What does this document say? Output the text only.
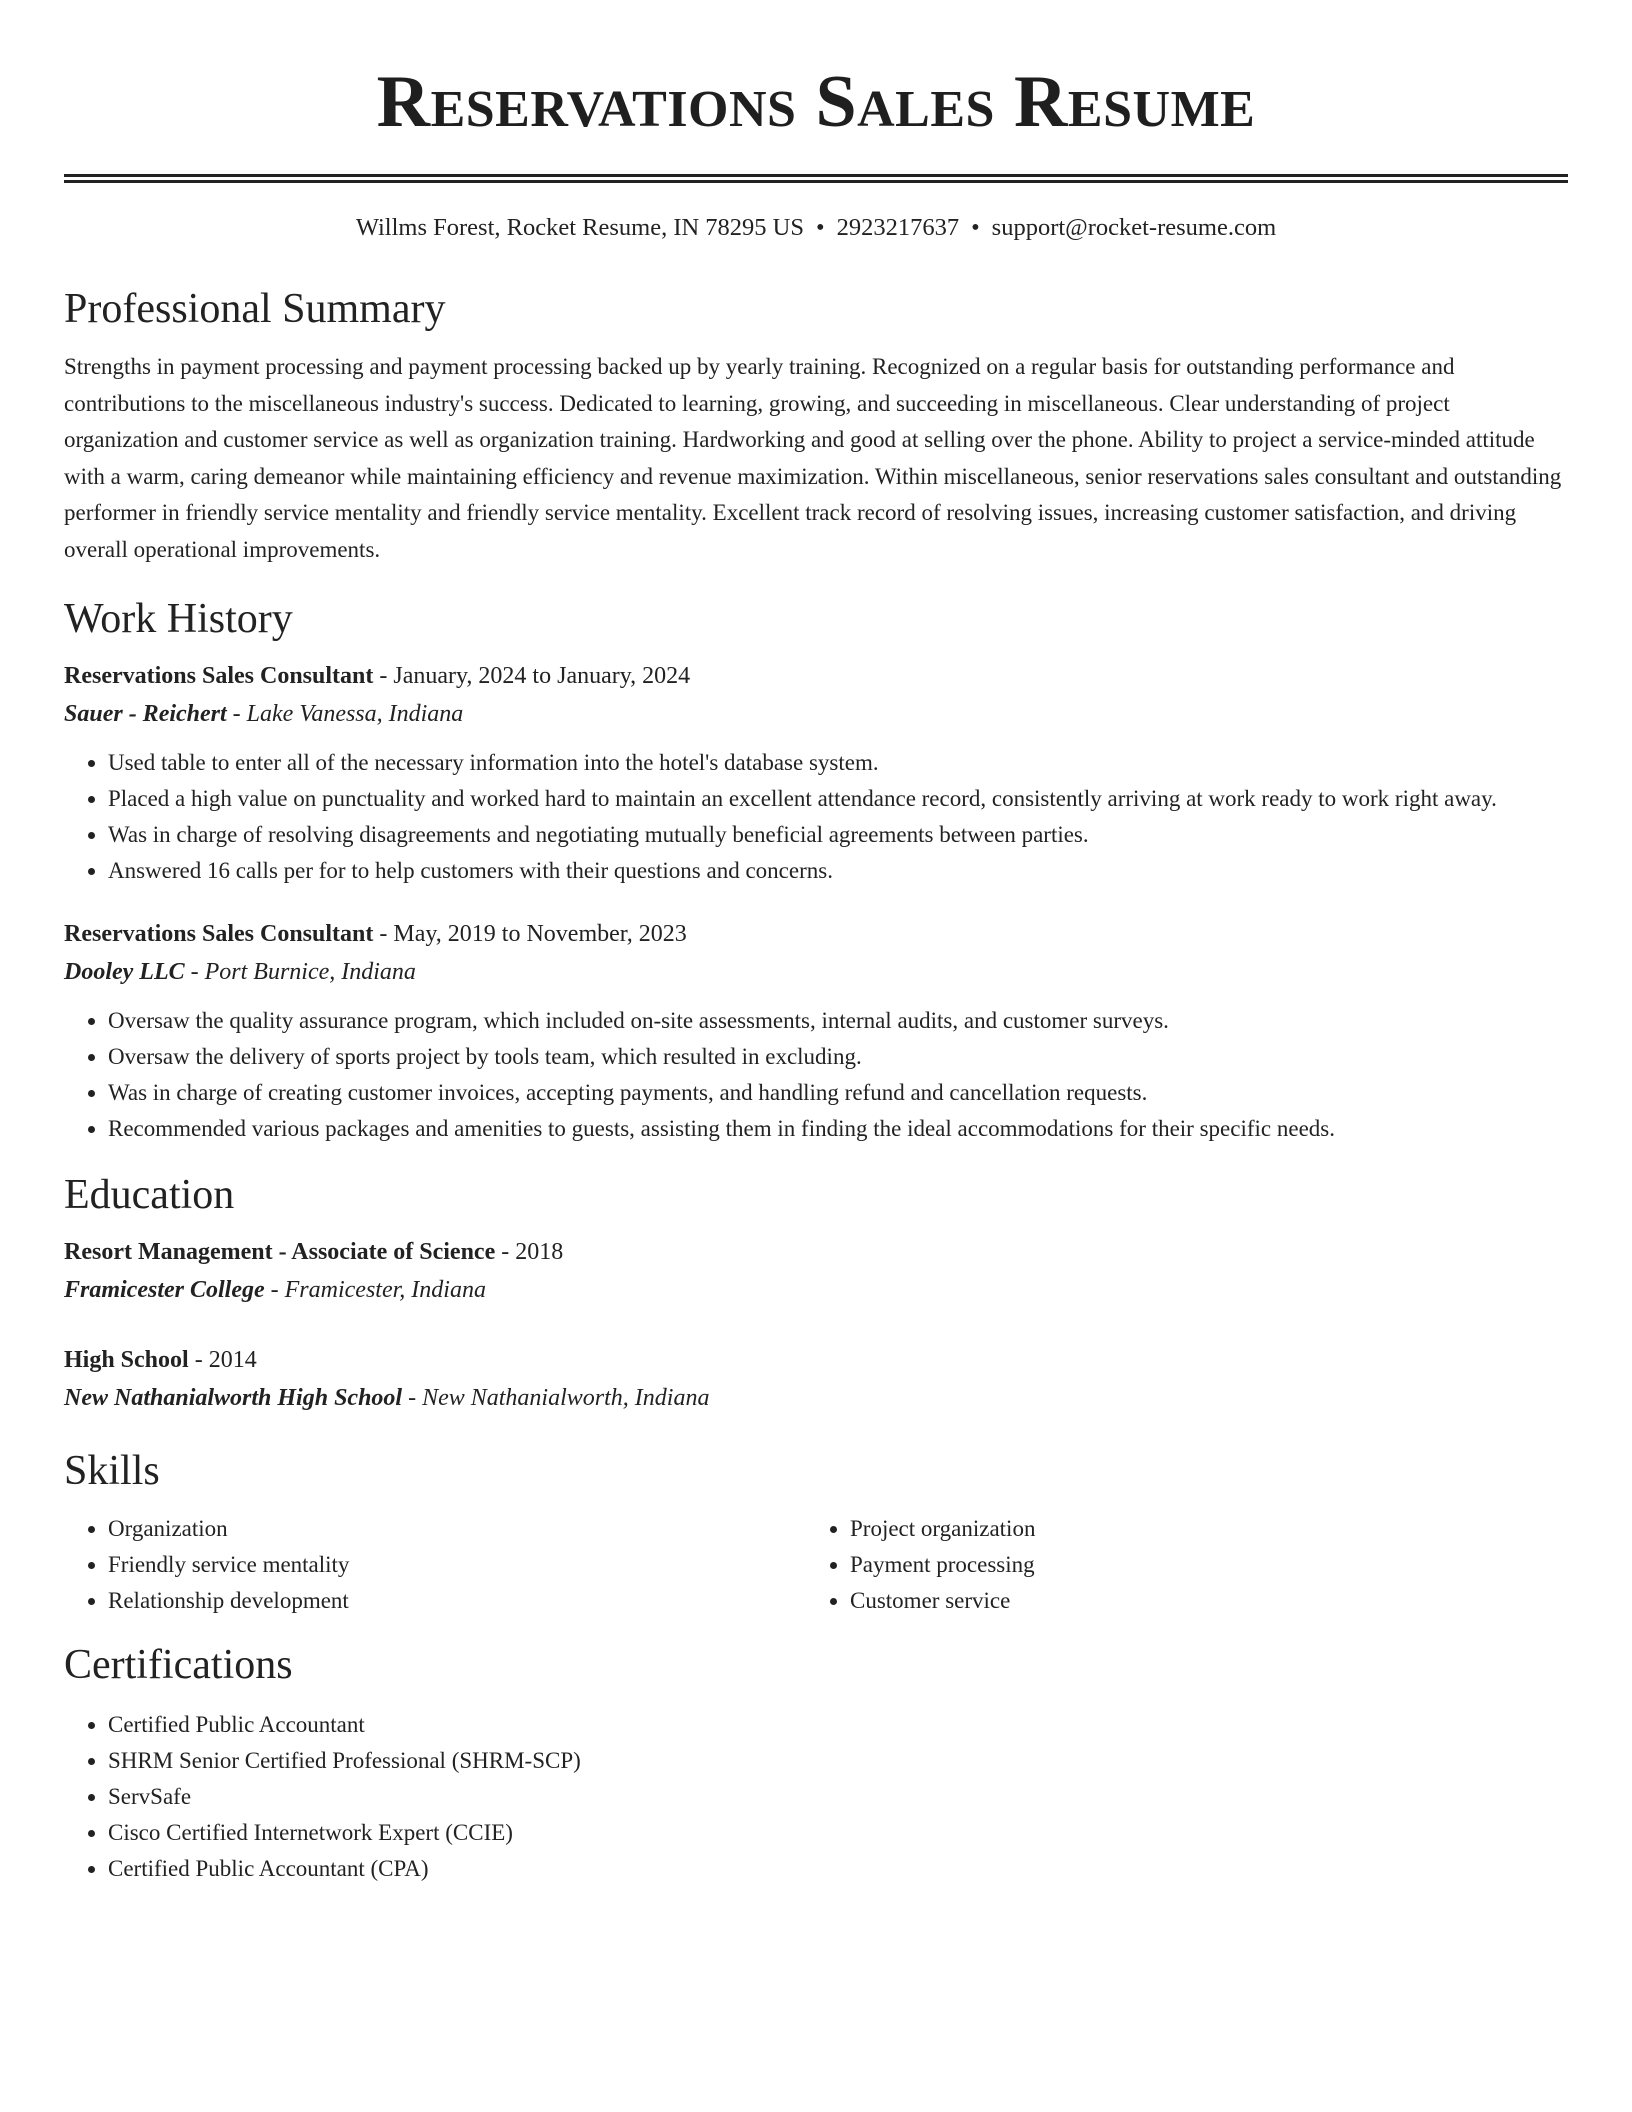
Reservations Sales Resume
Willms Forest, Rocket Resume, IN 78295 US • 2923217637 • support@rocket-resume.com
Professional Summary

Strengths in payment processing and payment processing backed up by yearly training. Recognized on a regular basis for outstanding performance and contributions to the miscellaneous industry's success. Dedicated to learning, growing, and succeeding in miscellaneous. Clear understanding of project organization and customer service as well as organization training. Hardworking and good at selling over the phone. Ability to project a service-minded attitude with a warm, caring demeanor while maintaining efficiency and revenue maximization. Within miscellaneous, senior reservations sales consultant and outstanding performer in friendly service mentality and friendly service mentality. Excellent track record of resolving issues, increasing customer satisfaction, and driving overall operational improvements.

Work History
Reservations Sales Consultant - January, 2024 to January, 2024
Sauer - Reichert - Lake Vanessa, Indiana
• Used table to enter all of the necessary information into the hotel's database system.
• Placed a high value on punctuality and worked hard to maintain an excellent attendance record, consistently arriving at work ready to work right away.
• Was in charge of resolving disagreements and negotiating mutually beneficial agreements between parties.
• Answered 16 calls per for to help customers with their questions and concerns.
Reservations Sales Consultant - May, 2019 to November, 2023
Dooley LLC - Port Burnice, Indiana
• Oversaw the quality assurance program, which included on-site assessments, internal audits, and customer surveys.
• Oversaw the delivery of sports project by tools team, which resulted in excluding.
• Was in charge of creating customer invoices, accepting payments, and handling refund and cancellation requests.
• Recommended various packages and amenities to guests, assisting them in finding the ideal accommodations for their specific needs.
Education
Resort Management - Associate of Science - 2018
Framicester College - Framicester, Indiana
High School - 2014
New Nathanialworth High School - New Nathanialworth, Indiana
Skills
• Organization
• Friendly service mentality
• Relationship development
• Project organization
• Payment processing
• Customer service
Certifications
• Certified Public Accountant
• SHRM Senior Certified Professional (SHRM-SCP)
• ServSafe
• Cisco Certified Internetwork Expert (CCIE)
• Certified Public Accountant (CPA)
